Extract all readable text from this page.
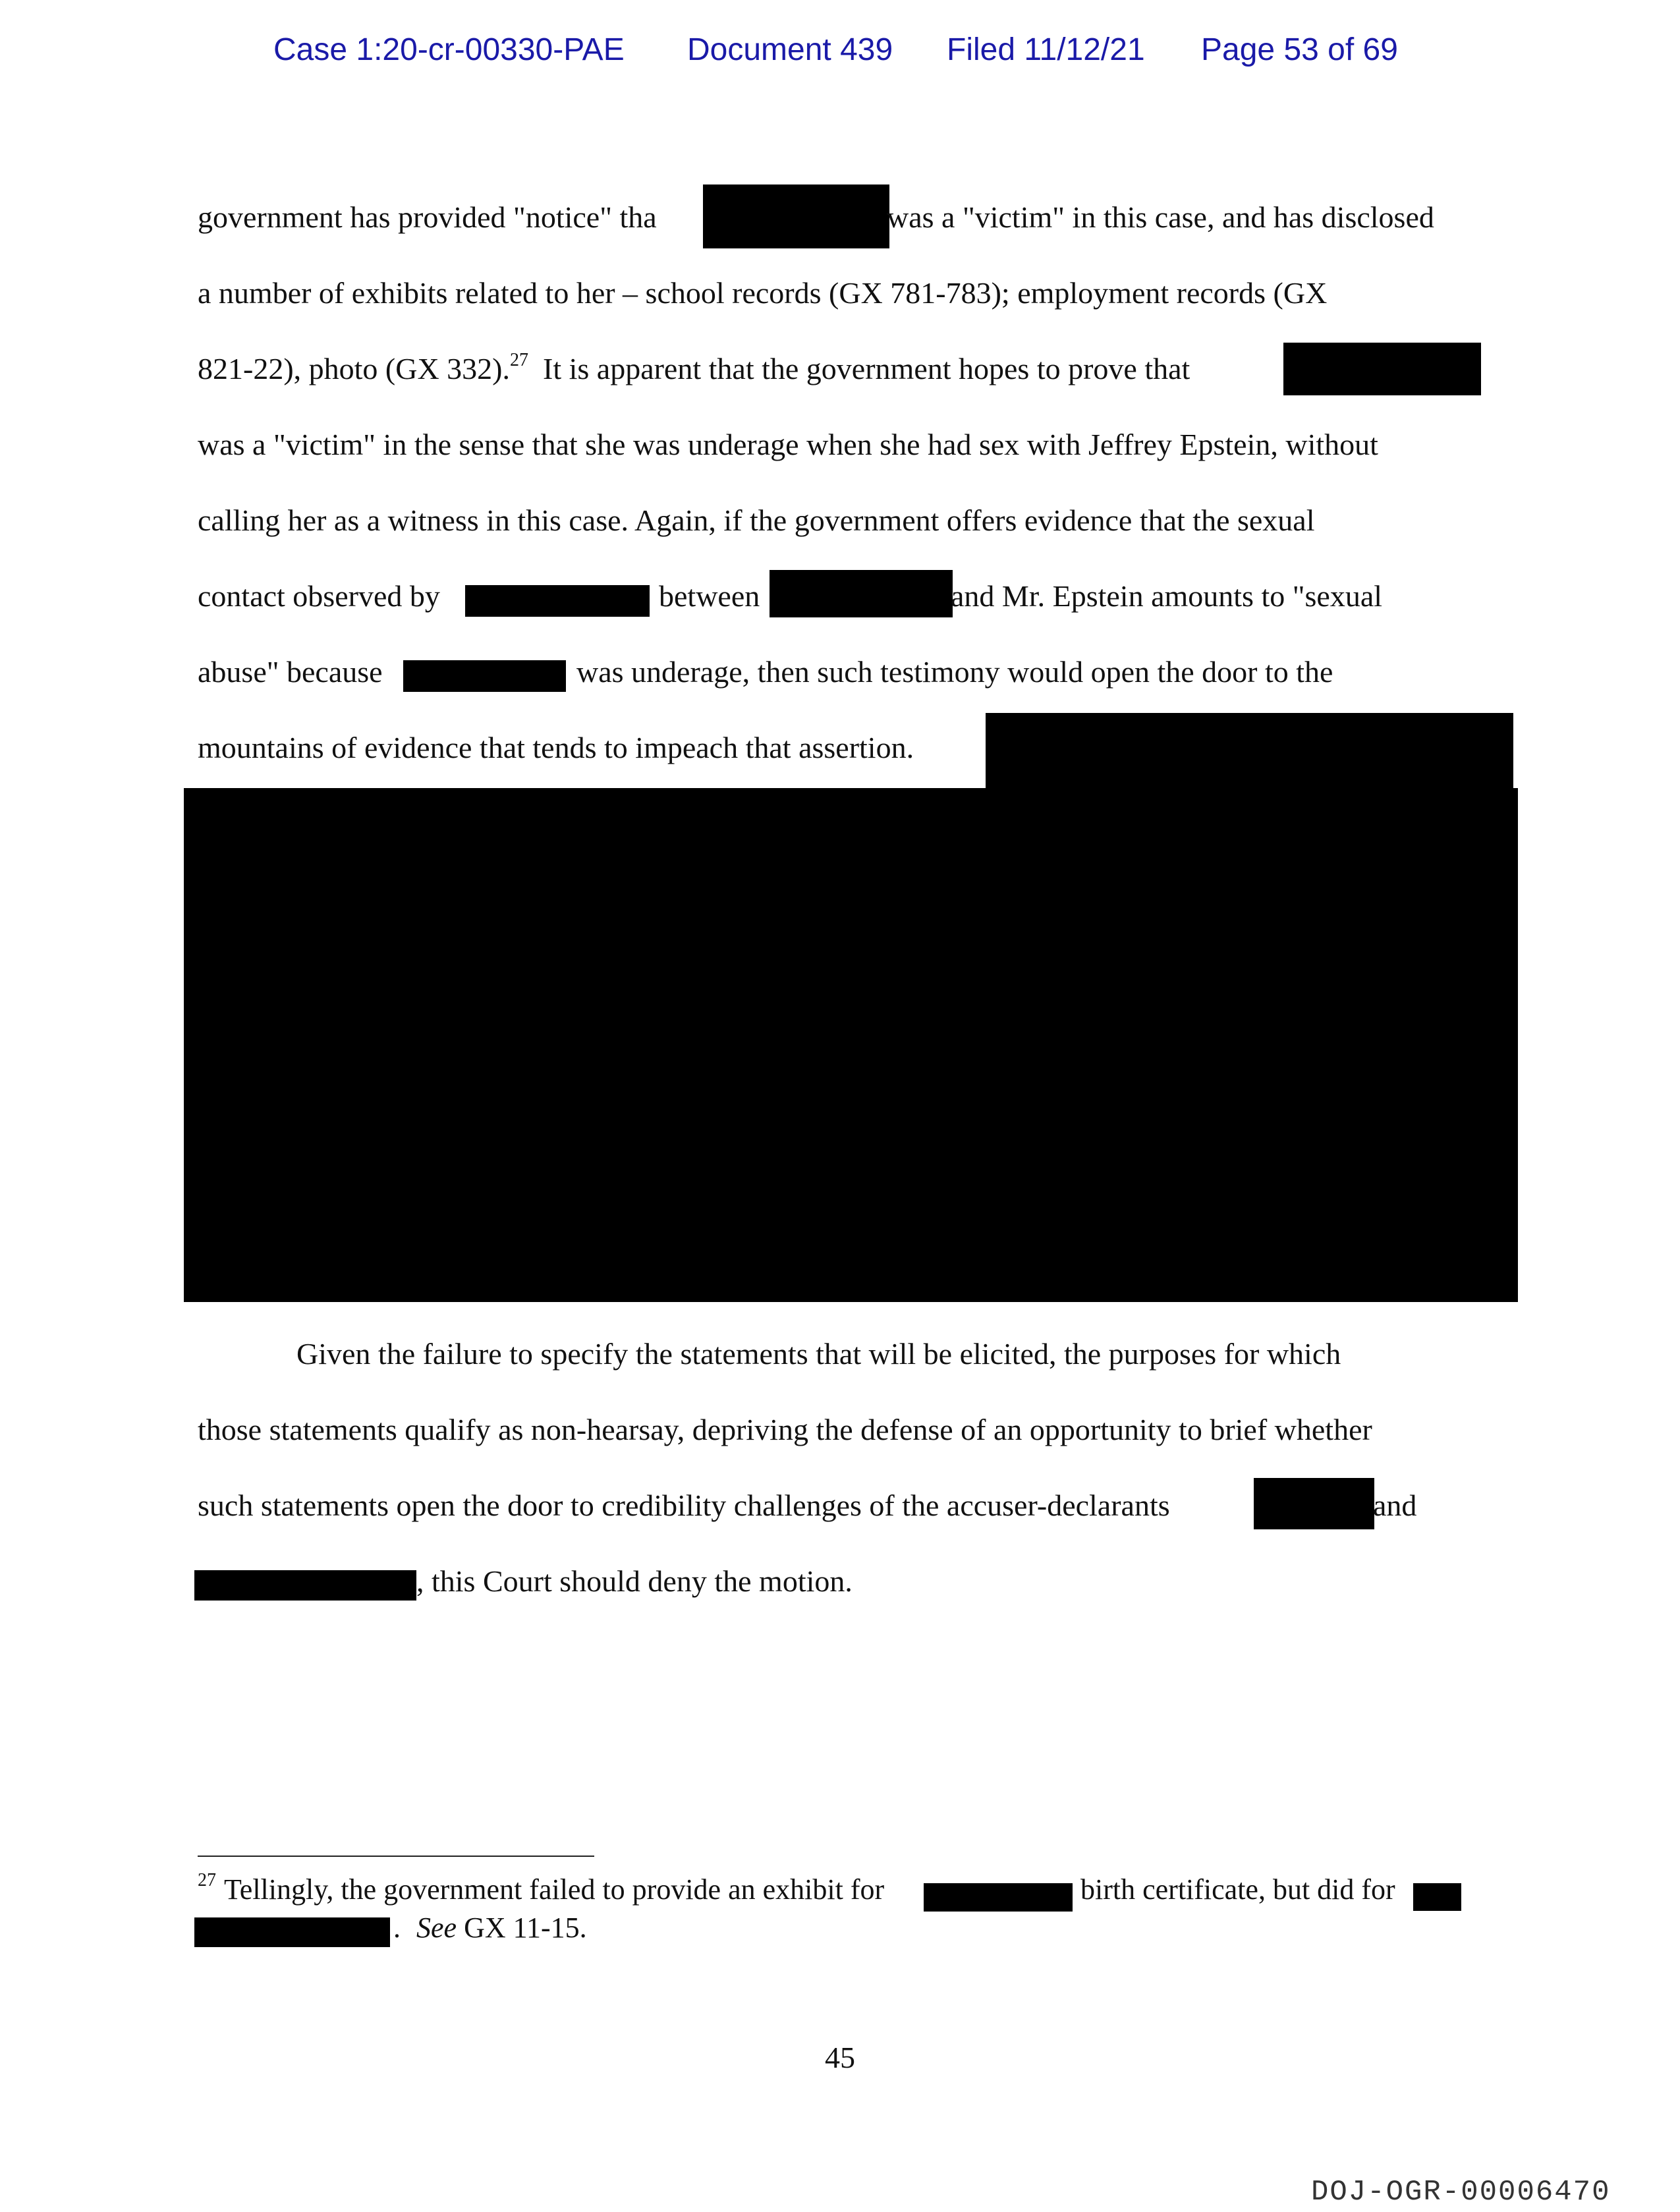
Case 1:20-cr-00330-PAE Document 439 Filed 11/12/21 Page 53 of 69
government has provided "notice" tha	was a "victim" in this case, and has disclosed
a number of exhibits related to her – school records (GX 781-783); employment records (GX
821-22), photo (GX 332).$^{27}$ It is apparent that the government hopes to prove that
was a "victim" in the sense that she was underage when she had sex with Jeffrey Epstein, without
calling her as a witness in this case. Again, if the government offers evidence that the sexual
contact observed by	between	and Mr. Epstein amounts to "sexual
abuse" because	was underage, then such testimony would open the door to the
mountains of evidence that tends to impeach that assertion.
Given the failure to specify the statements that will be elicited, the purposes for which
those statements qualify as non-hearsay, depriving the defense of an opportunity to brief whether
such statements open the door to credibility challenges of the accuser-declarants	and
, this Court should deny the motion.
$^{27}$ Tellingly, the government failed to provide an exhibit for	birth certificate, but did for
. See GX 11-15.
45
DOJ-OGR-00006470
